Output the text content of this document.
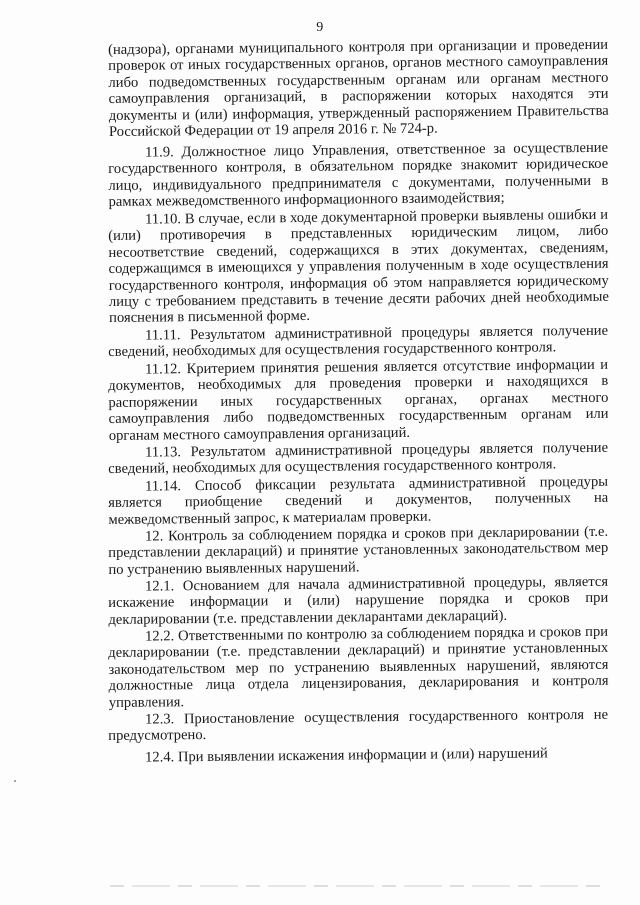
9

(надзора), органами муниципального контроля при организации и проведении проверок от иных государственных органов, органов местного самоуправления либо подведомственных государственным органам или органам местного самоуправления организаций, в распоряжении которых находятся эти документы и (или) информация, утвержденный распоряжением Правительства Российской Федерации от 19 апреля 2016 г. № 724-р.

11.9. Должностное лицо Управления, ответственное за осуществление государственного контроля, в обязательном порядке знакомит юридическое лицо, индивидуального предпринимателя с документами, полученными в рамках межведомственного информационного взаимодействия;

11.10. В случае, если в ходе документарной проверки выявлены ошибки и (или) противоречия в представленных юридическим лицом, либо несоответствие сведений, содержащихся в этих документах, сведениям, содержащимся в имеющихся у управления полученным в ходе осуществления государственного контроля, информация об этом направляется юридическому лицу с требованием представить в течение десяти рабочих дней необходимые пояснения в письменной форме.

11.11. Результатом административной процедуры является получение сведений, необходимых для осуществления государственного контроля.

11.12. Критерием принятия решения является отсутствие информации и документов, необходимых для проведения проверки и находящихся в распоряжении иных государственных органах, органах местного самоуправления либо подведомственных государственным органам или органам местного самоуправления организаций.

11.13. Результатом административной процедуры является получение сведений, необходимых для осуществления государственного контроля.

11.14. Способ фиксации результата административной процедуры является приобщение сведений и документов, полученных на межведомственный запрос, к материалам проверки.

12. Контроль за соблюдением порядка и сроков при декларировании (т.е. представлении деклараций) и принятие установленных законодательством мер по устранению выявленных нарушений.

12.1. Основанием для начала административной процедуры, является искажение информации и (или) нарушение порядка и сроков при декларировании (т.е. представлении декларантами деклараций).

12.2. Ответственными по контролю за соблюдением порядка и сроков при декларировании (т.е. представлении деклараций) и принятие установленных законодательством мер по устранению выявленных нарушений, являются должностные лица отдела лицензирования, декларирования и контроля управления.

12.3. Приостановление осуществления государственного контроля не предусмотрено.

12.4. При выявлении искажения информации и (или) нарушений
